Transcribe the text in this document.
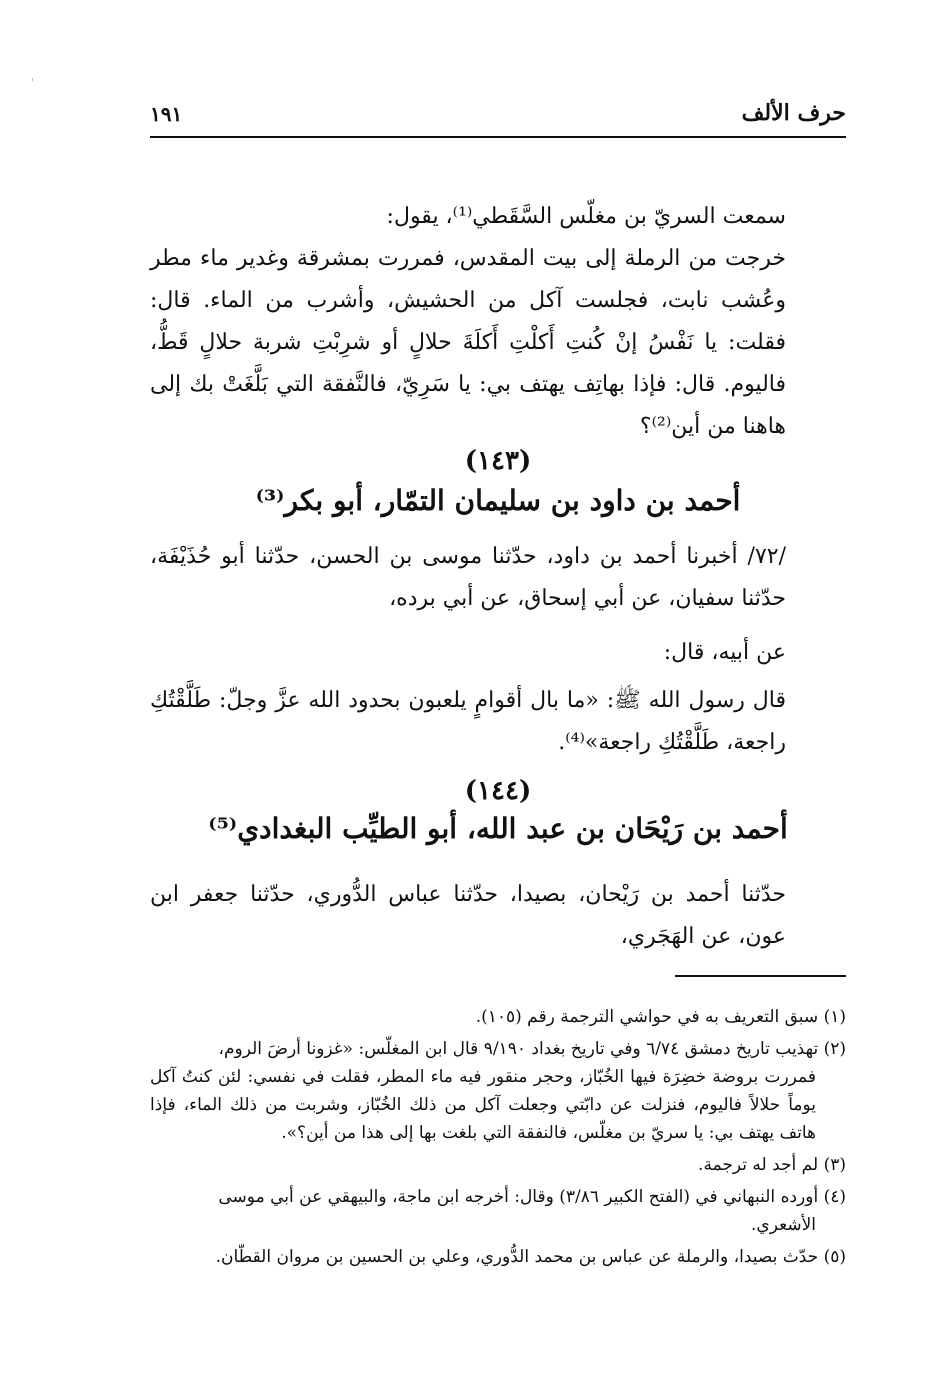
حرف الألف
١٩١

سمعت السريّ بن مغلّس السَّقَطي⁽¹⁾، يقول:

خرجت من الرملة إلى بيت المقدس، فمررت بمشرقة وغدير ماء مطر وعُشب نابت، فجلست آكل من الحشيش، وأشرب من الماء. قال: فقلت: يا نَفْسُ إنْ كُنتِ أَكلْتِ أَكلَةَ حلالٍ أو شرِبْتِ شربة حلالٍ قَطُّ، فاليوم. قال: فإذا بهاتِف يهتف بي: يا سَرِيّ، فالنَّفقة التي بَلَّغَتْ بك إلى هاهنا من أين⁽²⁾؟

(١٤٣)
أحمد بن داود بن سليمان التمّار، أبو بكر⁽³⁾

/٧٢/ أخبرنا أحمد بن داود، حدّثنا موسى بن الحسن، حدّثنا أبو حُذَيْفَة، حدّثنا سفيان، عن أبي إسحاق، عن أبي برده،

عن أبيه، قال:

قال رسول الله ﷺ: «ما بال أقوامٍ يلعبون بحدود الله عزَّ وجلّ: طَلَّقْتُكِ راجعة، طَلَّقْتُكِ راجعة»⁽⁴⁾.

(١٤٤)
أحمد بن رَيْحَان بن عبد الله، أبو الطيِّب البغدادي⁽⁵⁾

حدّثنا أحمد بن رَيْحان، بصيدا، حدّثنا عباس الدُّوري، حدّثنا جعفر ابن عون، عن الهَجَري،

(١) سبق التعريف به في حواشي الترجمة رقم (١٠٥).
(٢) تهذيب تاريخ دمشق ٦/٧٤ وفي تاريخ بغداد ٩/١٩٠ قال ابن المغلّس: «غزونا أرضَ الروم،
فمررت بروضة خضِرَة فيها الخُبّاز، وحجر منقور فيه ماء المطر، فقلت في نفسي: لئن كنتُ آكل يوماً حلالاً فاليوم، فنزلت عن دابّتي وجعلت آكل من ذلك الخُبّاز، وشربت من ذلك الماء، فإذا هاتف يهتف بي: يا سريّ بن مغلّس، فالنفقة التي بلغت بها إلى هذا من أين؟».
(٣) لم أجد له ترجمة.
(٤) أورده النبهاني في (الفتح الكبير ٣/٨٦) وقال: أخرجه ابن ماجة، والبيهقي عن أبي موسى
الأشعري.
(٥) حدّث بصيدا، والرملة عن عباس بن محمد الدُّوري، وعلي بن الحسين بن مروان القطّان.
